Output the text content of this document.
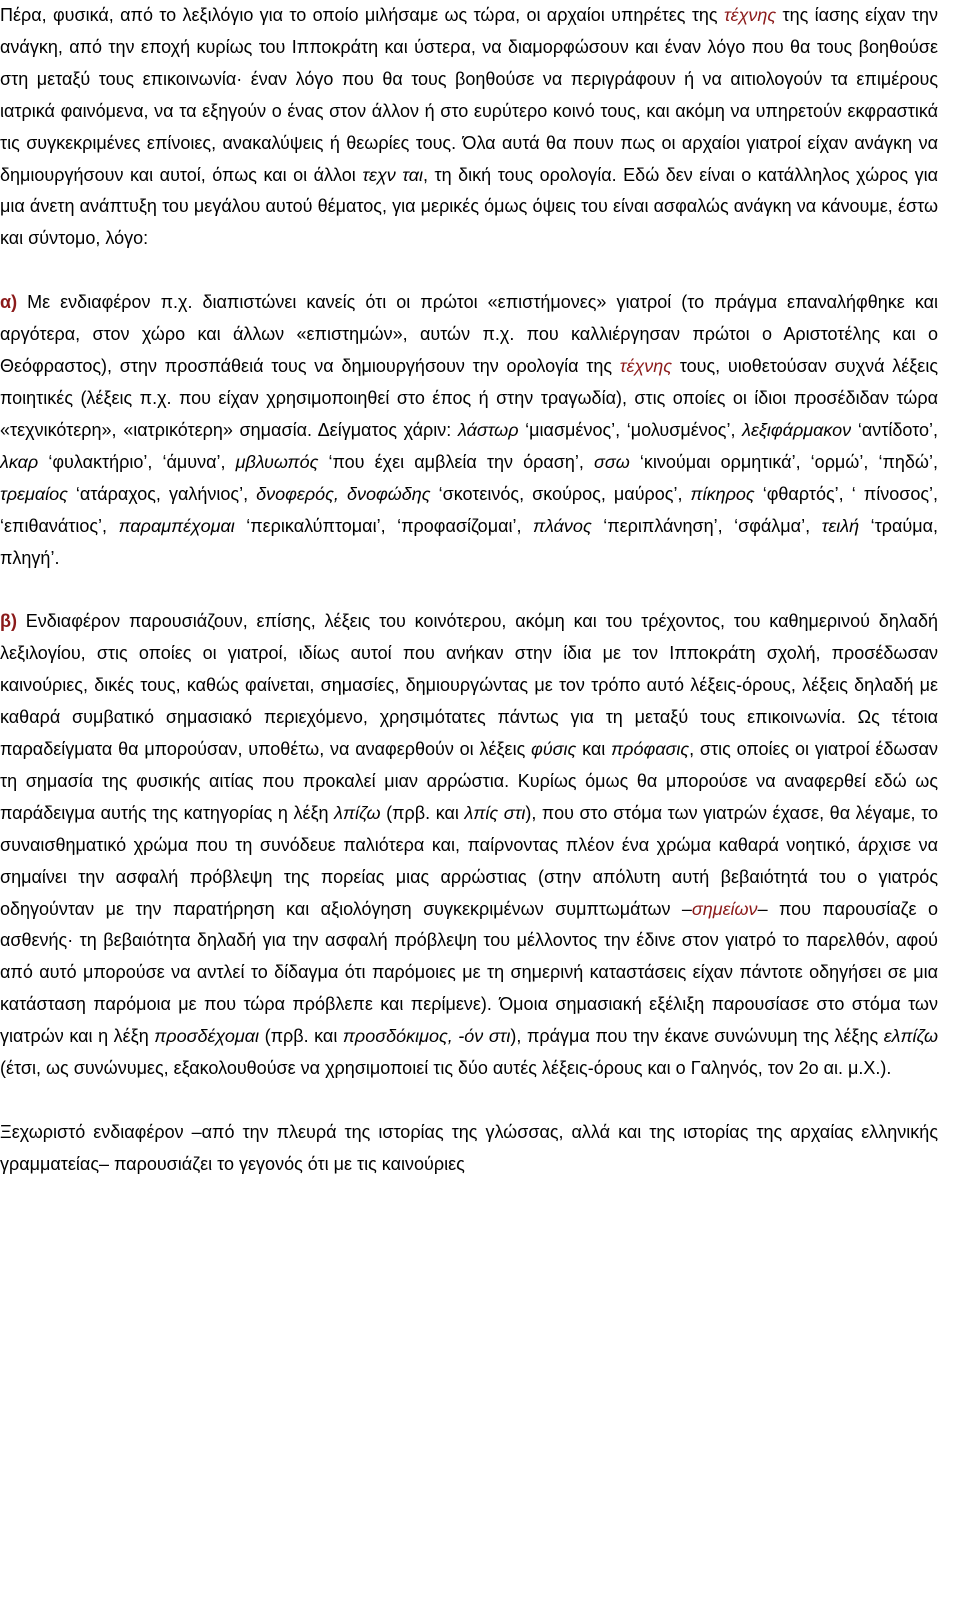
Πέρα, φυσικά, από το λεξιλόγιο για το οποίο μιλήσαμε ως τώρα, οι αρχαίοι υπηρέτες της τέχνης της ίασης είχαν την ανάγκη, από την εποχή κυρίως του Ιπποκράτη και ύστερα, να διαμορφώσουν και έναν λόγο που θα τους βοηθούσε στη μεταξύ τους επικοινωνία· έναν λόγο που θα τους βοηθούσε να περιγράφουν ή να αιτιολογούν τα επιμέρους ιατρικά φαινόμενα, να τα εξηγούν ο ένας στον άλλον ή στο ευρύτερο κοινό τους, και ακόμη να υπηρετούν εκφραστικά τις συγκεκριμένες επίνοιες, ανακαλύψεις ή θεωρίες τους. Όλα αυτά θα πουν πως οι αρχαίοι γιατροί είχαν ανάγκη να δημιουργήσουν και αυτοί, όπως και οι άλλοι τεχν ται, τη δική τους ορολογία. Εδώ δεν είναι ο κατάλληλος χώρος για μια άνετη ανάπτυξη του μεγάλου αυτού θέματος, για μερικές όμως όψεις του είναι ασφαλώς ανάγκη να κάνουμε, έστω και σύντομο, λόγο:

α) Με ενδιαφέρον π.χ. διαπιστώνει κανείς ότι οι πρώτοι «επιστήμονες» γιατροί (το πράγμα επαναλήφθηκε και αργότερα, στον χώρο και άλλων «επιστημών», αυτών π.χ. που καλλιέργησαν πρώτοι ο Αριστοτέλης και ο Θεόφραστος), στην προσπάθειά τους να δημιουργήσουν την ορολογία της τέχνης τους, υιοθετούσαν συχνά λέξεις ποιητικές (λέξεις π.χ. που είχαν χρησιμοποιηθεί στο έπος ή στην τραγωδία), στις οποίες οι ίδιοι προσέδιδαν τώρα «τεχνικότερη», «ιατρικότερη» σημασία. Δείγματος χάριν: λάστωρ ‘μιασμένος’, ‘μολυσμένος’, λεξιφάρμακον ‘αντίδοτο’, λκαρ ‘φυλακτήριο’, ‘άμυνα’, μβλυωπός ‘που έχει αμβλεία την όραση’, σσω ‘κινούμαι ορμητικά’, ‘ορμώ’, ‘πηδώ’, τρεμαίος ‘ατάραχος, γαλήνιος’, δνοφερός, δνοφώδης ‘σκοτεινός, σκούρος, μαύρος’, πίκηρος ‘φθαρτός’, ‘ πίνοσος’, ‘επιθανάτιος’, παραμπέχομαι ‘περικαλύπτομαι’, ‘προφασίζομαι’, πλάνος ‘περιπλάνηση’, ‘σφάλμα’, τειλή ‘τραύμα, πληγή’.

β) Ενδιαφέρον παρουσιάζουν, επίσης, λέξεις του κοινότερου, ακόμη και του τρέχοντος, του καθημερινού δηλαδή λεξιλογίου, στις οποίες οι γιατροί, ιδίως αυτοί που ανήκαν στην ίδια με τον Ιπποκράτη σχολή, προσέδωσαν καινούριες, δικές τους, καθώς φαίνεται, σημασίες, δημιουργώντας με τον τρόπο αυτό λέξεις-όρους, λέξεις δηλαδή με καθαρά συμβατικό σημασιακό περιεχόμενο, χρησιμότατες πάντως για τη μεταξύ τους επικοινωνία. Ως τέτοια παραδείγματα θα μπορούσαν, υποθέτω, να αναφερθούν οι λέξεις φύσις και πρόφασις, στις οποίες οι γιατροί έδωσαν τη σημασία της φυσικής αιτίας που προκαλεί μιαν αρρώστια. Κυρίως όμως θα μπορούσε να αναφερθεί εδώ ως παράδειγμα αυτής της κατηγορίας η λέξη λπίζω (πρβ. και λπίς στι), που στο στόμα των γιατρών έχασε, θα λέγαμε, το συναισθηματικό χρώμα που τη συνόδευε παλιότερα και, παίρνοντας πλέον ένα χρώμα καθαρά νοητικό, άρχισε να σημαίνει την ασφαλή πρόβλεψη της πορείας μιας αρρώστιας (στην απόλυτη αυτή βεβαιότητά του ο γιατρός οδηγούνταν με την παρατήρηση και αξιολόγηση συγκεκριμένων συμπτωμάτων –σημείων– που παρουσίαζε ο ασθενής· τη βεβαιότητα δηλαδή για την ασφαλή πρόβλεψη του μέλλοντος την έδινε στον γιατρό το παρελθόν, αφού από αυτό μπορούσε να αντλεί το δίδαγμα ότι παρόμοιες με τη σημερινή καταστάσεις είχαν πάντοτε οδηγήσει σε μια κατάσταση παρόμοια με που τώρα πρόβλεπε και περίμενε). Όμοια σημασιακή εξέλιξη παρουσίασε στο στόμα των γιατρών και η λέξη προσδέχομαι (πρβ. και προσδόκιμος, -όν στι), πράγμα που την έκανε συνώνυμη της λέξης ελπίζω (έτσι, ως συνώνυμες, εξακολουθούσε να χρησιμοποιεί τις δύο αυτές λέξεις-όρους και ο Γαληνός, τον 2ο αι. μ.Χ.).

Ξεχωριστό ενδιαφέρον –από την πλευρά της ιστορίας της γλώσσας, αλλά και της ιστορίας της αρχαίας ελληνικής γραμματείας– παρουσιάζει το γεγονός ότι με τις καινούριες
